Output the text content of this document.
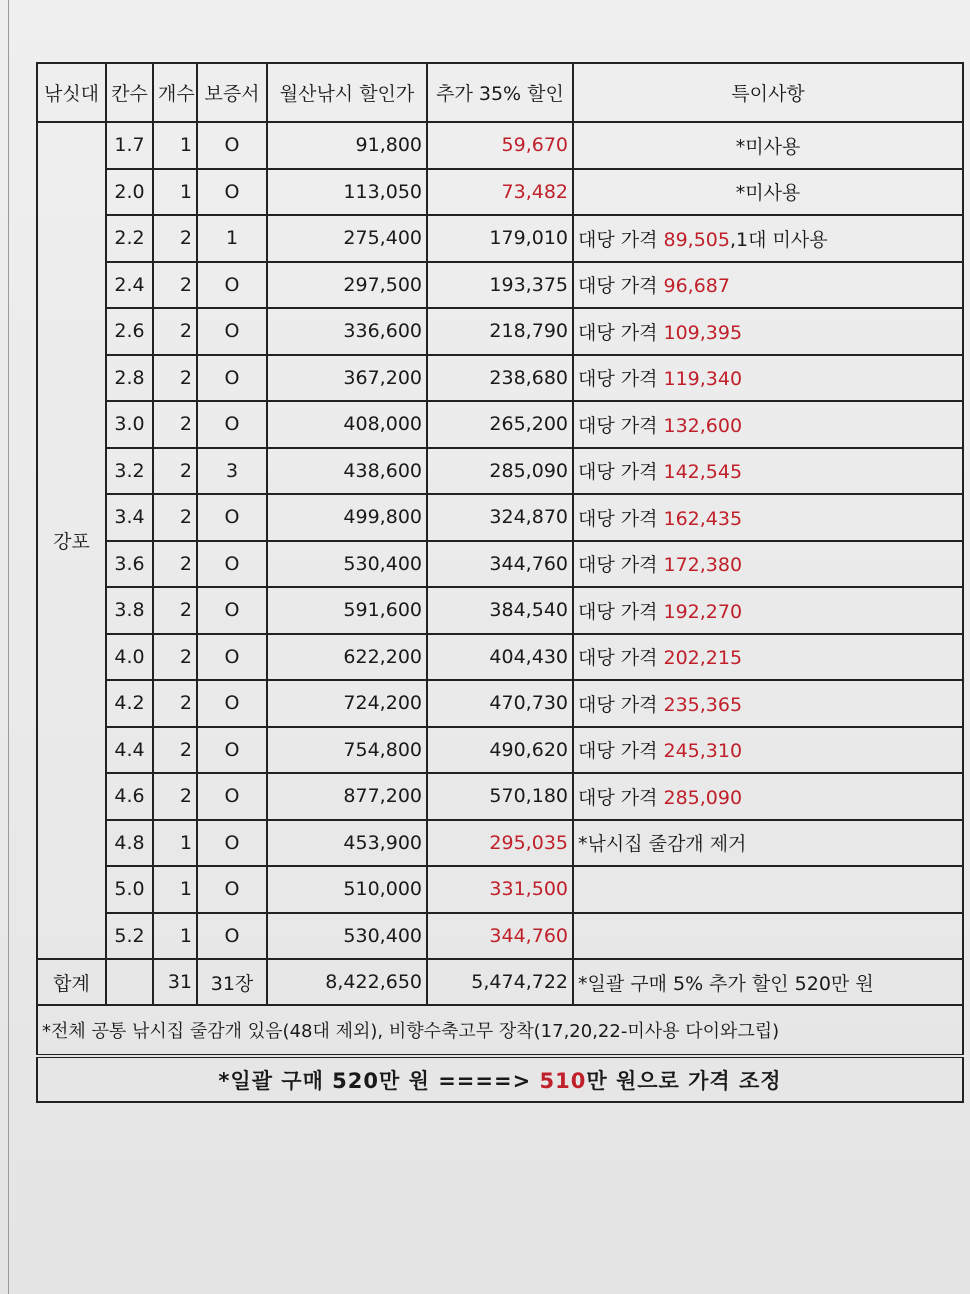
낚싯대	칸수	개수	보증서	월산낚시 할인가	추가 35% 할인	특이사항
강포	1.7	1	O	91,800	59,670	*미사용
	2.0	1	O	113,050	73,482	*미사용
	2.2	2	1	275,400	179,010	대당 가격 89,505,1대 미사용
	2.4	2	O	297,500	193,375	대당 가격 96,687
	2.6	2	O	336,600	218,790	대당 가격 109,395
	2.8	2	O	367,200	238,680	대당 가격 119,340
	3.0	2	O	408,000	265,200	대당 가격 132,600
	3.2	2	3	438,600	285,090	대당 가격 142,545
	3.4	2	O	499,800	324,870	대당 가격 162,435
	3.6	2	O	530,400	344,760	대당 가격 172,380
	3.8	2	O	591,600	384,540	대당 가격 192,270
	4.0	2	O	622,200	404,430	대당 가격 202,215
	4.2	2	O	724,200	470,730	대당 가격 235,365
	4.4	2	O	754,800	490,620	대당 가격 245,310
	4.6	2	O	877,200	570,180	대당 가격 285,090
	4.8	1	O	453,900	295,035	*낚시집 줄감개 제거
	5.0	1	O	510,000	331,500	
	5.2	1	O	530,400	344,760	
합계		31	31장	8,422,650	5,474,722	*일괄 구매 5% 추가 할인 520만 원
*전체 공통 낚시집 줄감개 있음(48대 제외), 비향수축고무 장착(17,20,22-미사용 다이와그립)						
*일괄 구매 520만 원 ====> 510만 원으로 가격 조정						
